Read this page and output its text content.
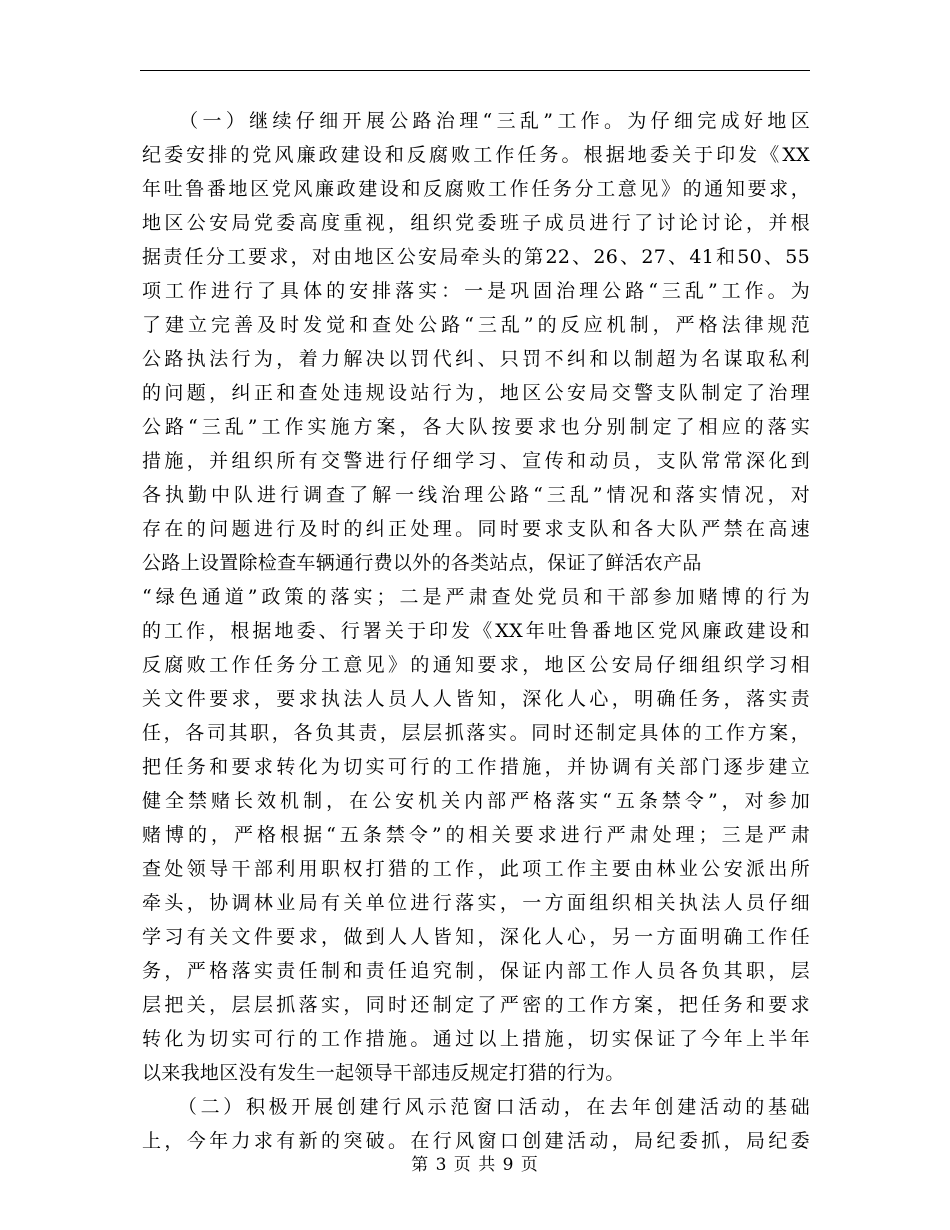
　　（一）继续仔细开展公路治理“三乱”工作。为仔细完成好地区
纪委安排的党风廉政建设和反腐败工作任务。根据地委关于印发《XX
年吐鲁番地区党风廉政建设和反腐败工作任务分工意见》的通知要求，
地区公安局党委高度重视，组织党委班子成员进行了讨论讨论，并根
据责任分工要求，对由地区公安局牵头的第22、26、27、41和50、55
项工作进行了具体的安排落实：一是巩固治理公路“三乱”工作。为
了建立完善及时发觉和查处公路“三乱”的反应机制，严格法律规范
公路执法行为，着力解决以罚代纠、只罚不纠和以制超为名谋取私利
的问题，纠正和查处违规设站行为，地区公安局交警支队制定了治理
公路“三乱”工作实施方案，各大队按要求也分别制定了相应的落实
措施，并组织所有交警进行仔细学习、宣传和动员，支队常常深化到
各执勤中队进行调查了解一线治理公路“三乱”情况和落实情况，对
存在的问题进行及时的纠正处理。同时要求支队和各大队严禁在高速
公路上设置除检查车辆通行费以外的各类站点，保证了鲜活农产品
“绿色通道”政策的落实；二是严肃查处党员和干部参加赌博的行为
的工作，根据地委、行署关于印发《XX年吐鲁番地区党风廉政建设和
反腐败工作任务分工意见》的通知要求，地区公安局仔细组织学习相
关文件要求，要求执法人员人人皆知，深化人心，明确任务，落实责
任，各司其职，各负其责，层层抓落实。同时还制定具体的工作方案，
把任务和要求转化为切实可行的工作措施，并协调有关部门逐步建立
健全禁赌长效机制，在公安机关内部严格落实“五条禁令”，对参加
赌博的，严格根据“五条禁令”的相关要求进行严肃处理；三是严肃
查处领导干部利用职权打猎的工作，此项工作主要由林业公安派出所
牵头，协调林业局有关单位进行落实，一方面组织相关执法人员仔细
学习有关文件要求，做到人人皆知，深化人心，另一方面明确工作任
务，严格落实责任制和责任追究制，保证内部工作人员各负其职，层
层把关，层层抓落实，同时还制定了严密的工作方案，把任务和要求
转化为切实可行的工作措施。通过以上措施，切实保证了今年上半年
以来我地区没有发生一起领导干部违反规定打猎的行为。
　　（二）积极开展创建行风示范窗口活动，在去年创建活动的基础
上，今年力求有新的突破。在行风窗口创建活动，局纪委抓，局纪委
第 3 页 共 9 页
